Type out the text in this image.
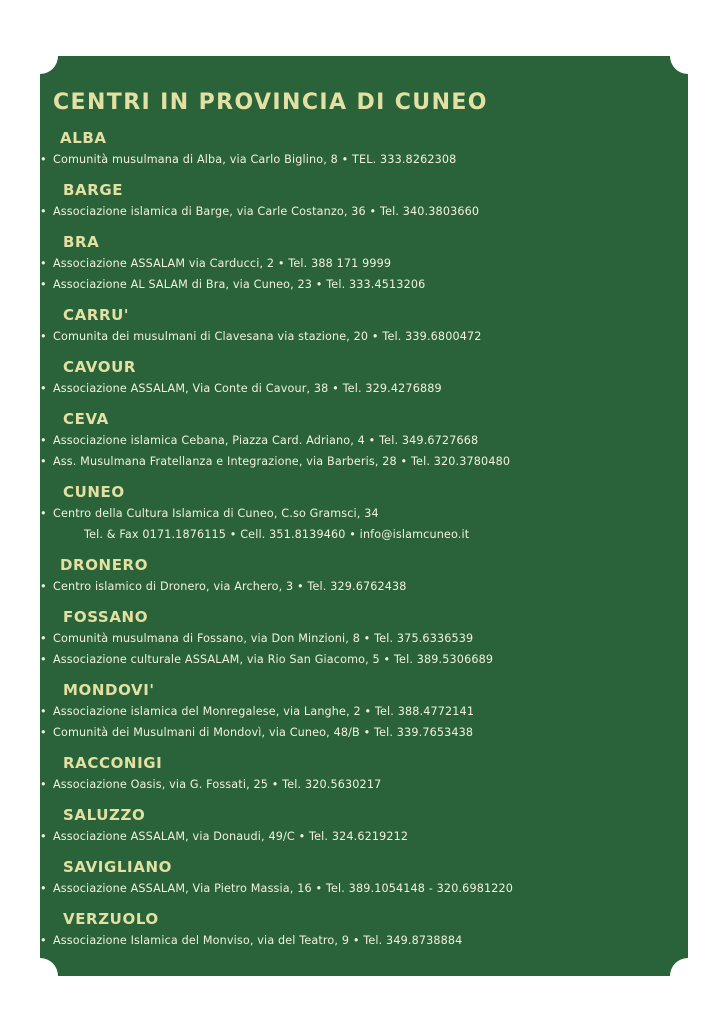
CENTRI IN PROVINCIA DI CUNEO
ALBA
• Comunità musulmana di Alba, via Carlo Biglino, 8 • TEL. 333.8262308
BARGE
• Associazione islamica di Barge, via Carle Costanzo, 36 • Tel. 340.3803660
BRA
• Associazione ASSALAM via Carducci, 2 • Tel. 388 171 9999
• Associazione AL SALAM di Bra, via Cuneo, 23 • Tel. 333.4513206
CARRU'
• Comunita dei musulmani di Clavesana via stazione, 20 • Tel. 339.6800472
CAVOUR
• Associazione ASSALAM, Via Conte di Cavour, 38 • Tel. 329.4276889
CEVA
• Associazione islamica Cebana, Piazza Card. Adriano, 4 • Tel. 349.6727668
• Ass. Musulmana Fratellanza e Integrazione, via Barberis, 28 • Tel. 320.3780480
CUNEO
• Centro della Cultura Islamica di Cuneo, C.so Gramsci, 34
Tel. & Fax 0171.1876115 • Cell. 351.8139460 • info@islamcuneo.it
DRONERO
• Centro islamico di Dronero, via Archero, 3 • Tel. 329.6762438
FOSSANO
• Comunità musulmana di Fossano, via Don Minzioni, 8 • Tel. 375.6336539
• Associazione culturale ASSALAM, via Rio San Giacomo, 5 • Tel. 389.5306689
MONDOVI'
• Associazione islamica del Monregalese, via Langhe, 2 • Tel. 388.4772141
• Comunità dei Musulmani di Mondovì, via Cuneo, 48/B • Tel. 339.7653438
RACCONIGI
• Associazione Oasis, via G. Fossati, 25 • Tel. 320.5630217
SALUZZO
• Associazione ASSALAM, via Donaudi, 49/C • Tel. 324.6219212
SAVIGLIANO
• Associazione ASSALAM, Via Pietro Massia, 16 • Tel. 389.1054148 - 320.6981220
VERZUOLO
• Associazione Islamica del Monviso, via del Teatro, 9 • Tel. 349.8738884
